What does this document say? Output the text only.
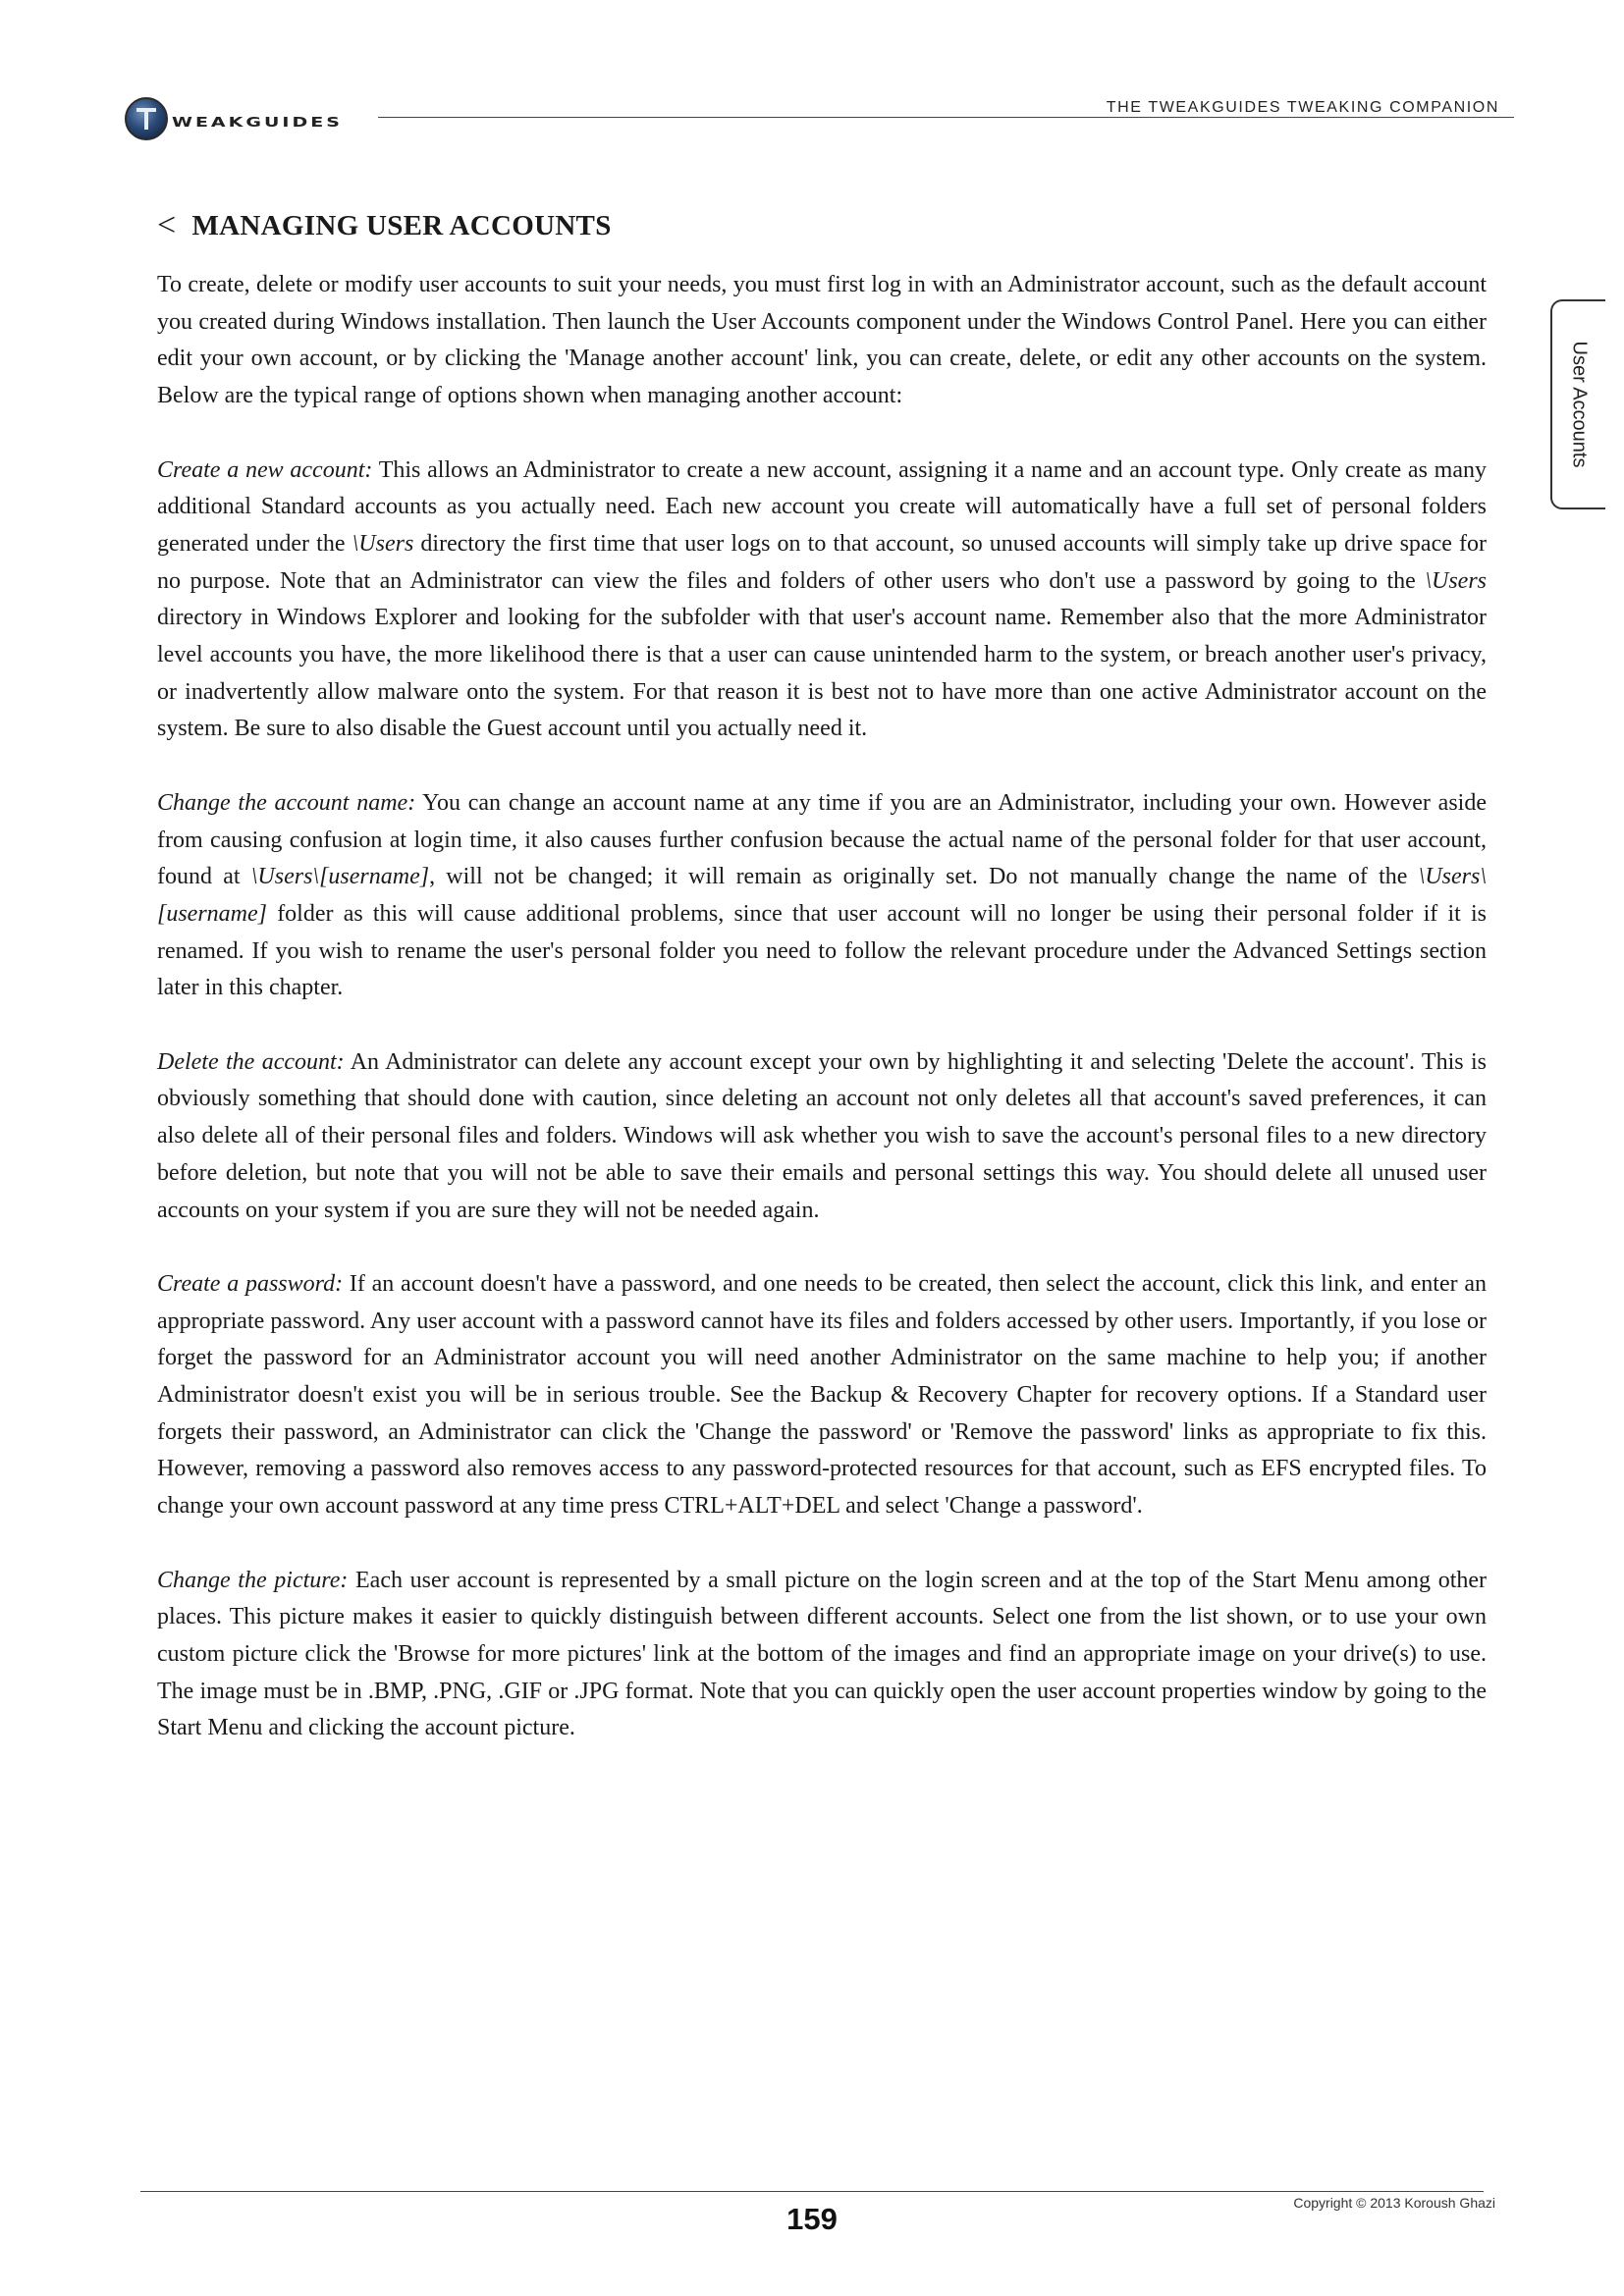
WEAKGUIDES
THE TWEAKGUIDES TWEAKING COMPANION
User Accounts
< MANAGING USER ACCOUNTS

To create, delete or modify user accounts to suit your needs, you must first log in with an Administrator account, such as the default account you created during Windows installation. Then launch the User Accounts component under the Windows Control Panel. Here you can either edit your own account, or by clicking the 'Manage another account' link, you can create, delete, or edit any other accounts on the system. Below are the typical range of options shown when managing another account:

Create a new account: This allows an Administrator to create a new account, assigning it a name and an account type. Only create as many additional Standard accounts as you actually need. Each new account you create will automatically have a full set of personal folders generated under the \Users directory the first time that user logs on to that account, so unused accounts will simply take up drive space for no purpose. Note that an Administrator can view the files and folders of other users who don't use a password by going to the \Users directory in Windows Explorer and looking for the subfolder with that user's account name. Remember also that the more Administrator level accounts you have, the more likelihood there is that a user can cause unintended harm to the system, or breach another user's privacy, or inadvertently allow malware onto the system. For that reason it is best not to have more than one active Administrator account on the system. Be sure to also disable the Guest account until you actually need it.

Change the account name: You can change an account name at any time if you are an Administrator, including your own. However aside from causing confusion at login time, it also causes further confusion because the actual name of the personal folder for that user account, found at \Users\[username], will not be changed; it will remain as originally set. Do not manually change the name of the \Users\[username] folder as this will cause additional problems, since that user account will no longer be using their personal folder if it is renamed. If you wish to rename the user's personal folder you need to follow the relevant procedure under the Advanced Settings section later in this chapter.

Delete the account: An Administrator can delete any account except your own by highlighting it and selecting 'Delete the account'. This is obviously something that should done with caution, since deleting an account not only deletes all that account's saved preferences, it can also delete all of their personal files and folders. Windows will ask whether you wish to save the account's personal files to a new directory before deletion, but note that you will not be able to save their emails and personal settings this way. You should delete all unused user accounts on your system if you are sure they will not be needed again.

Create a password: If an account doesn't have a password, and one needs to be created, then select the account, click this link, and enter an appropriate password. Any user account with a password cannot have its files and folders accessed by other users. Importantly, if you lose or forget the password for an Administrator account you will need another Administrator on the same machine to help you; if another Administrator doesn't exist you will be in serious trouble. See the Backup & Recovery Chapter for recovery options. If a Standard user forgets their password, an Administrator can click the 'Change the password' or 'Remove the password' links as appropriate to fix this. However, removing a password also removes access to any password-protected resources for that account, such as EFS encrypted files. To change your own account password at any time press CTRL+ALT+DEL and select 'Change a password'.

Change the picture: Each user account is represented by a small picture on the login screen and at the top of the Start Menu among other places. This picture makes it easier to quickly distinguish between different accounts. Select one from the list shown, or to use your own custom picture click the 'Browse for more pictures' link at the bottom of the images and find an appropriate image on your drive(s) to use. The image must be in .BMP, .PNG, .GIF or .JPG format. Note that you can quickly open the user account properties window by going to the Start Menu and clicking the account picture.

Copyright © 2013 Koroush Ghazi
159
